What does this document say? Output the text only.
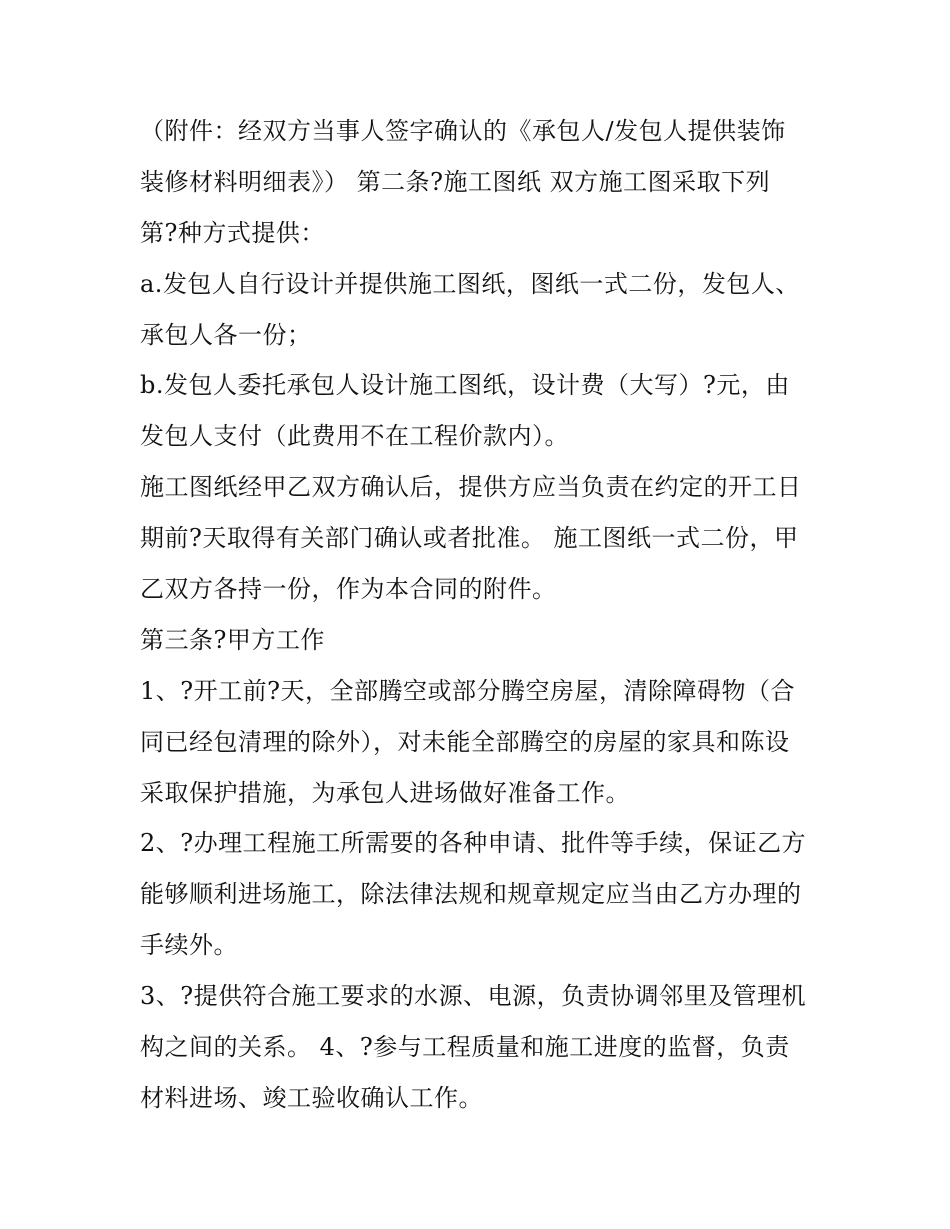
（附件：经双方当事人签字确认的《承包人/发包人提供装饰
装修材料明细表》） 第二条?施工图纸 双方施工图采取下列
第?种方式提供：
a.发包人自行设计并提供施工图纸，图纸一式二份，发包人、
承包人各一份；
b.发包人委托承包人设计施工图纸，设计费（大写）?元，由
发包人支付（此费用不在工程价款内）。
施工图纸经甲乙双方确认后，提供方应当负责在约定的开工日
期前?天取得有关部门确认或者批准。 施工图纸一式二份，甲
乙双方各持一份，作为本合同的附件。
第三条?甲方工作
1、?开工前?天，全部腾空或部分腾空房屋，清除障碍物（合
同已经包清理的除外），对未能全部腾空的房屋的家具和陈设
采取保护措施，为承包人进场做好准备工作。
2、?办理工程施工所需要的各种申请、批件等手续，保证乙方
能够顺利进场施工，除法律法规和规章规定应当由乙方办理的
手续外。
3、?提供符合施工要求的水源、电源，负责协调邻里及管理机
构之间的关系。 4、?参与工程质量和施工进度的监督，负责
材料进场、竣工验收确认工作。
